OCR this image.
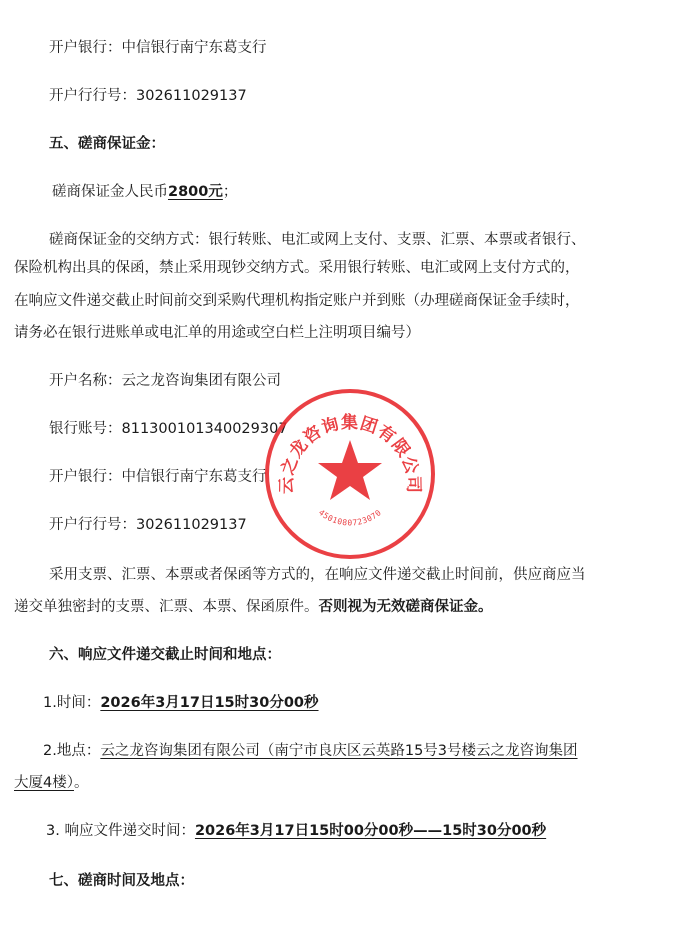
开户银行：中信银行南宁东葛支行
开户行行号：302611029137
五、磋商保证金：
磋商保证金人民币2800元；
磋商保证金的交纳方式：银行转账、电汇或网上支付、支票、汇票、本票或者银行、
保险机构出具的保函，禁止采用现钞交纳方式。采用银行转账、电汇或网上支付方式的，
在响应文件递交截止时间前交到采购代理机构指定账户并到账（办理磋商保证金手续时，
请务必在银行进账单或电汇单的用途或空白栏上注明项目编号）
开户名称：云之龙咨询集团有限公司
银行账号：811300101340029307
开户银行：中信银行南宁东葛支行
开户行行号：302611029137
采用支票、汇票、本票或者保函等方式的，在响应文件递交截止时间前，供应商应当
递交单独密封的支票、汇票、本票、保函原件。否则视为无效磋商保证金。
六、响应文件递交截止时间和地点：
1.时间：2026年3月17日15时30分00秒
2.地点：云之龙咨询集团有限公司（南宁市良庆区云英路15号3号楼云之龙咨询集团
大厦4楼）。
3. 响应文件递交时间：2026年3月17日15时00分00秒——15时30分00秒
七、磋商时间及地点：
云之龙咨询集团有限公司
4501080723070
